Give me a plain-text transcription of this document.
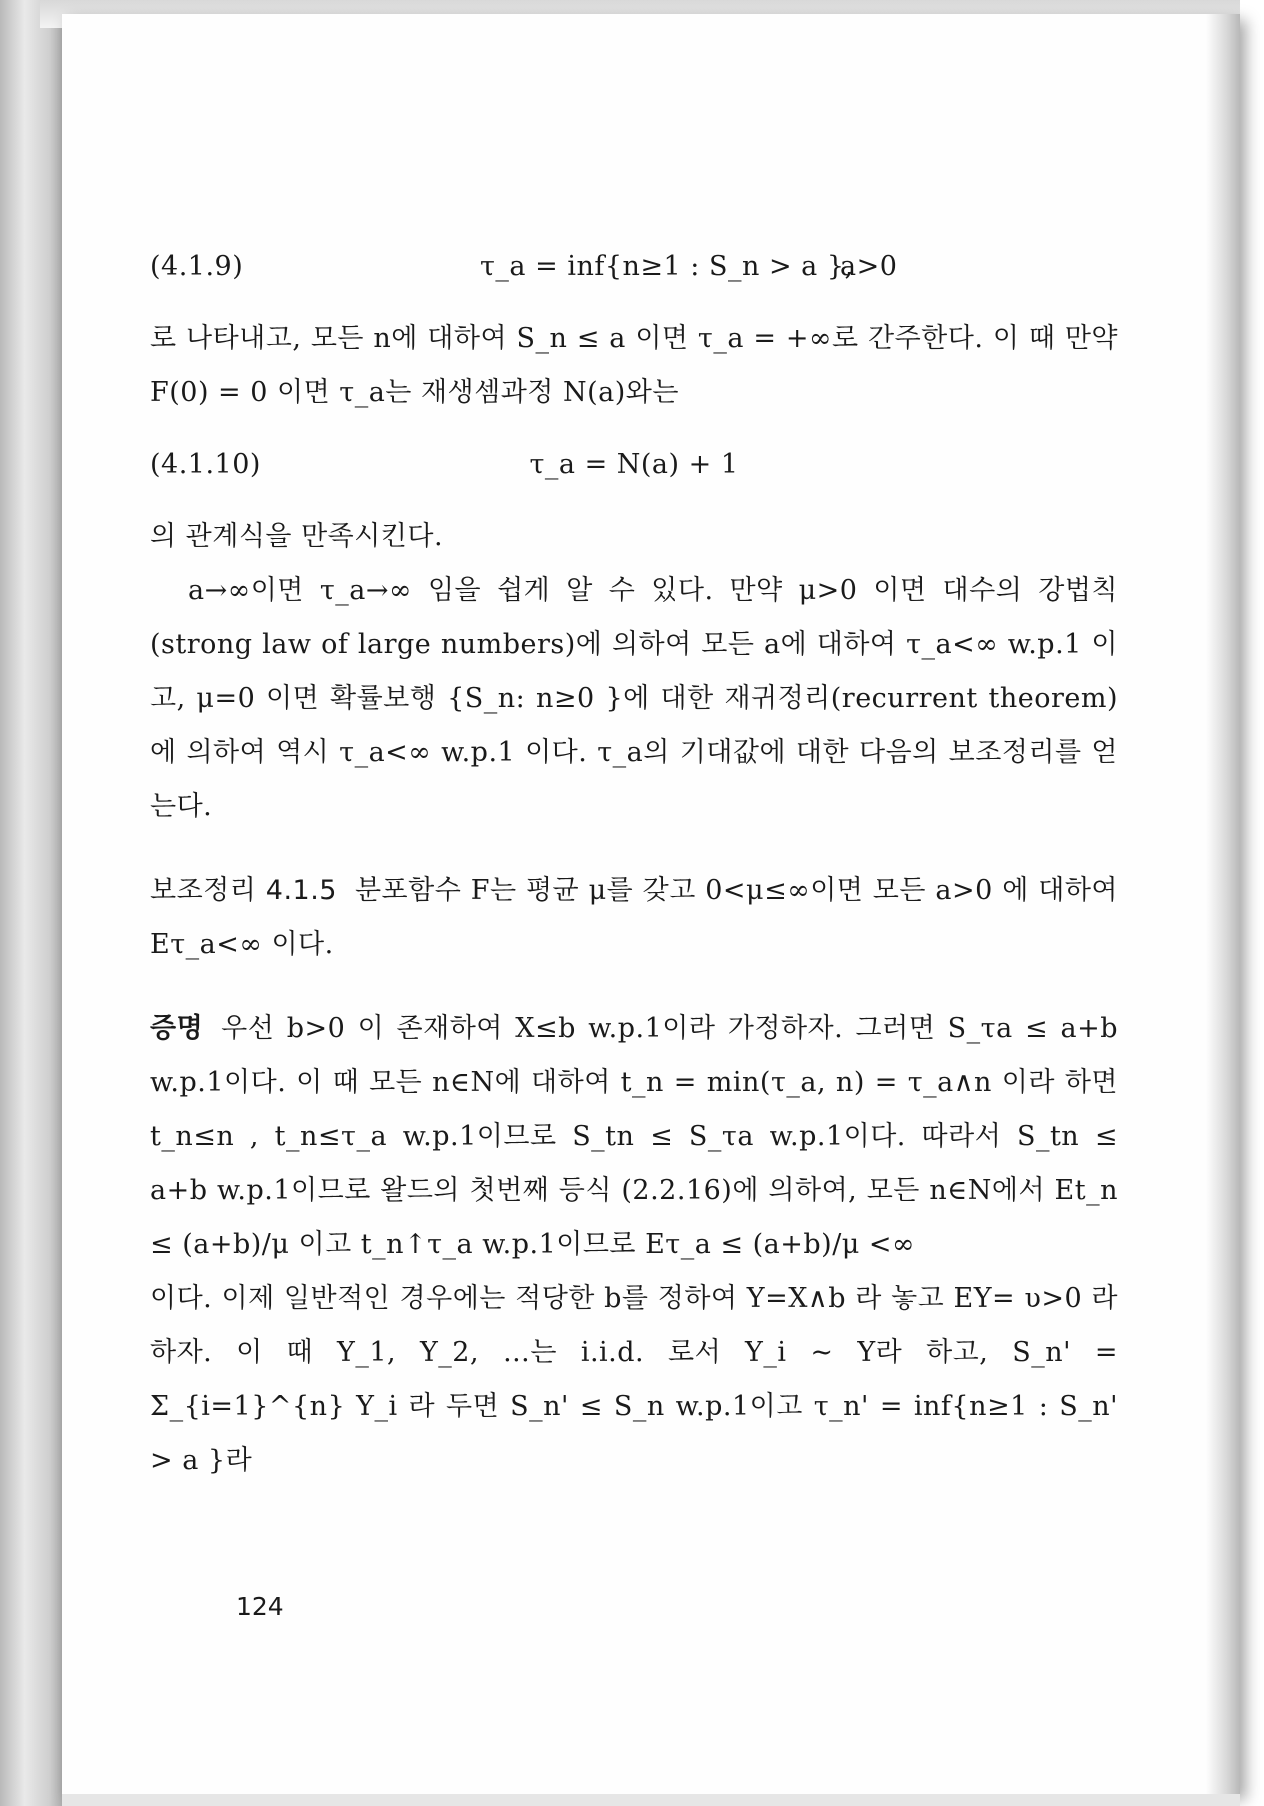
(4.1.9)	τ_a = inf{n≥1 : S_n > a },
a>0

로 나타내고, 모든 n에 대하여 S_n ≤ a 이면 τ_a = +∞로 간주한다. 이 때 만약 F(0) = 0 이면 τ_a는 재생셈과정 N(a)와는

(4.1.10)	τ_a = N(a) + 1

의 관계식을 만족시킨다.

a→∞이면 τ_a→∞ 임을 쉽게 알 수 있다. 만약 μ>0 이면 대수의 강법칙(strong law of large numbers)에 의하여 모든 a에 대하여 τ_a<∞ w.p.1 이고, μ=0 이면 확률보행 {S_n: n≥0 }에 대한 재귀정리(recurrent theorem)에 의하여 역시 τ_a<∞ w.p.1 이다. τ_a의 기대값에 대한 다음의 보조정리를 얻는다.

보조정리 4.1.5 분포함수 F는 평균 μ를 갖고 0<μ≤∞이면 모든 a>0 에 대하여 Eτ_a<∞ 이다.

증명 우선 b>0 이 존재하여 X≤b w.p.1이라 가정하자. 그러면 S_τa ≤ a+b w.p.1이다. 이 때 모든 n∈N에 대하여 t_n = min(τ_a, n) = τ_a∧n 이라 하면 t_n≤n , t_n≤τ_a w.p.1이므로 S_tn ≤ S_τa w.p.1이다. 따라서 S_tn ≤ a+b w.p.1이므로 왈드의 첫번째 등식 (2.2.16)에 의하여, 모든 n∈N에서 Et_n ≤ (a+b)/μ 이고 t_n↑τ_a w.p.1이므로 Eτ_a ≤ (a+b)/μ <∞

이다. 이제 일반적인 경우에는 적당한 b를 정하여 Y=X∧b 라 놓고 EY= υ>0 라 하자. 이 때 Y_1, Y_2, …는 i.i.d. 로서 Y_i ~ Y라 하고, S_n' = Σ_{i=1}^{n} Y_i 라 두면 S_n' ≤ S_n w.p.1이고 τ_n' = inf{n≥1 : S_n' > a }라

124
